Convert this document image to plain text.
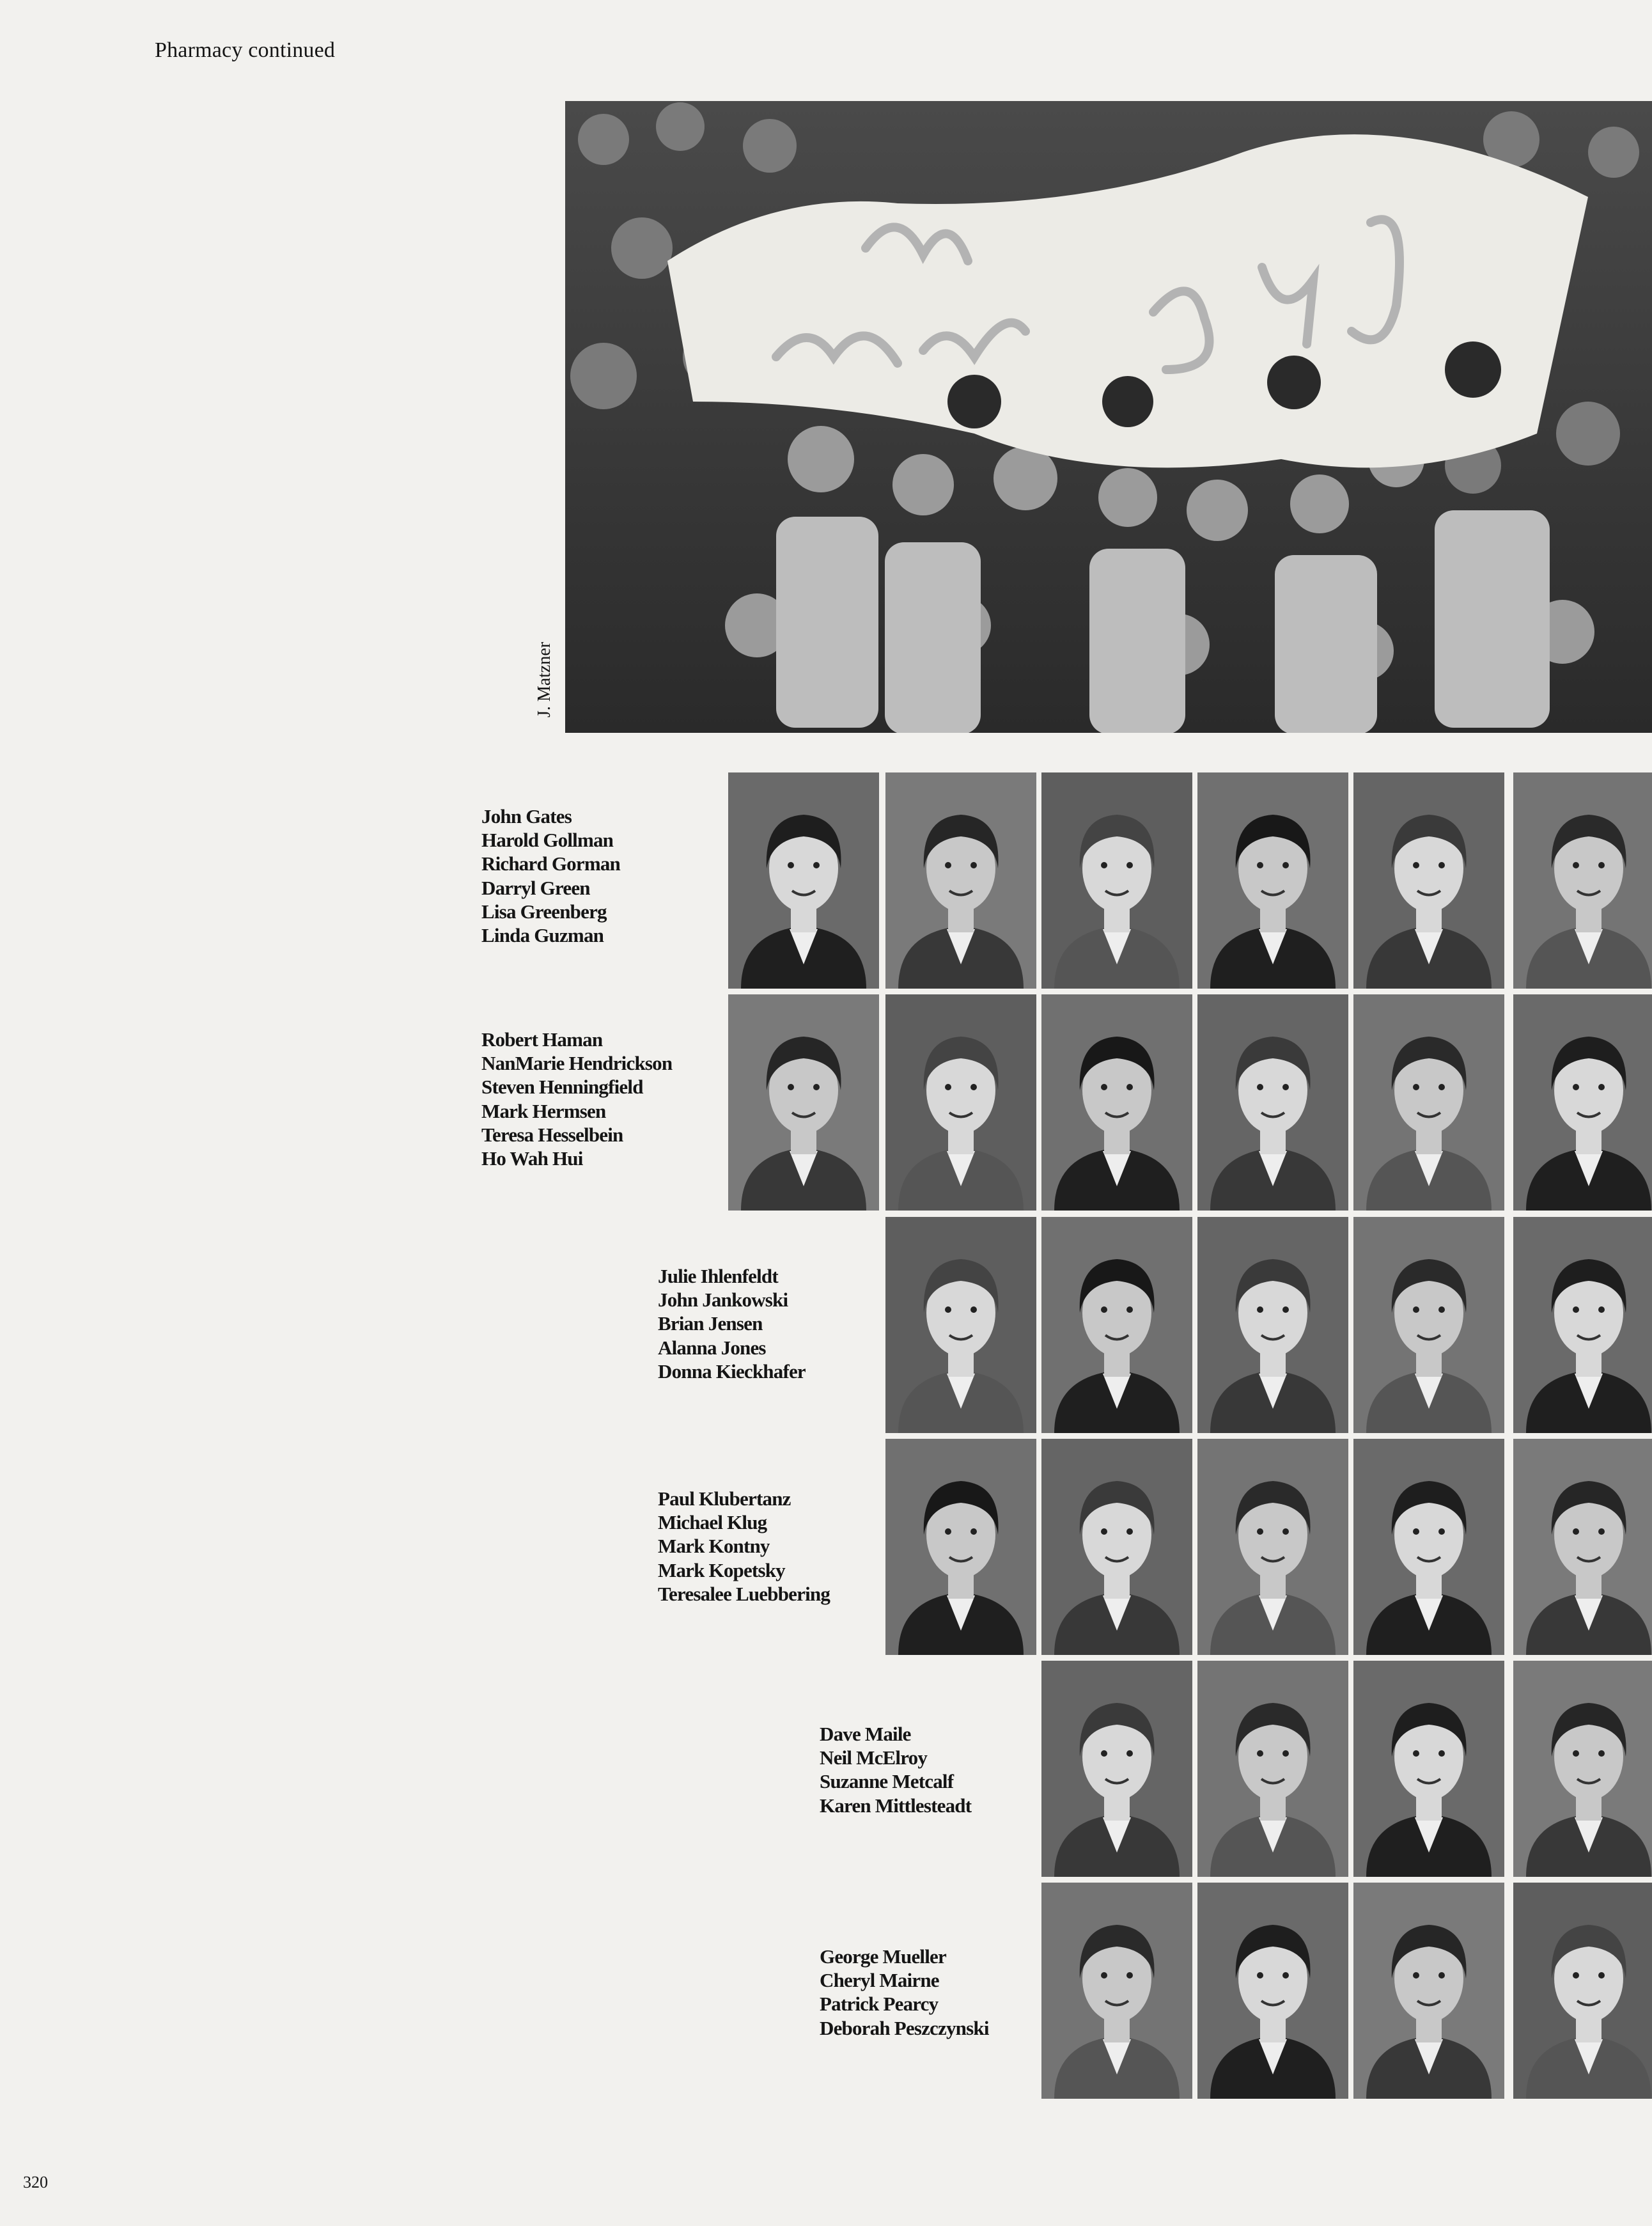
Pharmacy continued
J. Matzner
John Gates
Harold Gollman
Richard Gorman
Darryl Green
Lisa Greenberg
Linda Guzman
Robert Haman
NanMarie Hendrickson
Steven Henningfield
Mark Hermsen
Teresa Hesselbein
Ho Wah Hui
Julie Ihlenfeldt
John Jankowski
Brian Jensen
Alanna Jones
Donna Kieckhafer
Paul Klubertanz
Michael Klug
Mark Kontny
Mark Kopetsky
Teresalee Luebbering
Dave Maile
Neil McElroy
Suzanne Metcalf
Karen Mittlesteadt
George Mueller
Cheryl Mairne
Patrick Pearcy
Deborah Peszczynski
320
